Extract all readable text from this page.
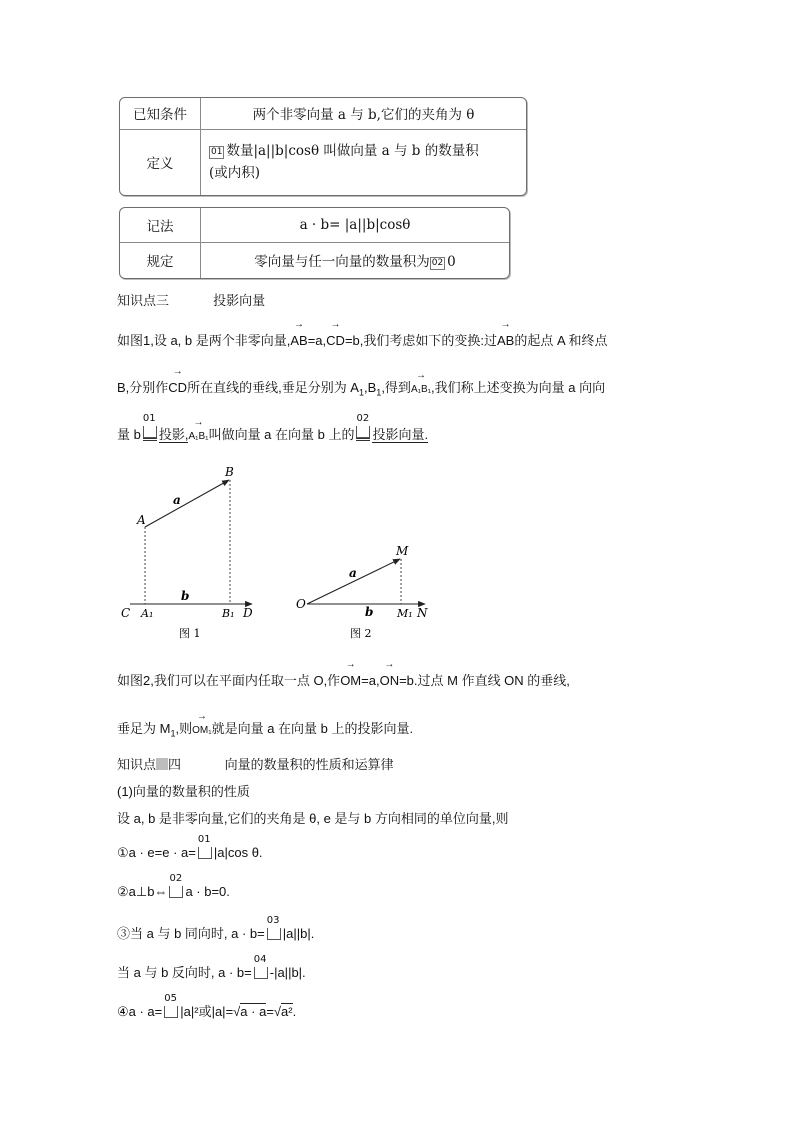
已知条件	两个非零向量 a 与 b,它们的夹角为 θ
定义	01 数量|a||b|cosθ 叫做向量 a 与 b 的数量积
(或内积)
记法	a · b= |a||b|cosθ
规定	零向量与任一向量的数量积为 02 0
知识点三	投影向量
如图1,设 a, b 是两个非零向量,→ AB=a,→ CD=b,我们考虑如下的变换:过→ AB的起点 A 和终点
B,分别作→ CD所在直线的垂线,垂足分别为 $A_1,B_1$,得到→ A₁B₁,我们称上述变换为向量 a 向向
量 b
01
投影,→ A₁B₁叫做向量 a 在向量 b 上的
02
投影向量.
B
a
A
b
C A₁	B₁ D
图 1
M
a
O
b M₁ N
图 2
如图2,我们可以在平面内任取一点 O,作→ OM=a,→ ON=b.过点 M 作直线 ON 的垂线,
垂足为 $M_1$,则→ OM₁就是向量 a 在向量 b 上的投影向量.
知识点 四	向量的数量积的性质和运算律
(1)向量的数量积的性质
设 a, b 是非零向量,它们的夹角是 θ, e 是与 b 方向相同的单位向量,则
①a · e=e · a=
01
|a|cos θ.
②a⊥b⇔
02
a · b=0.
③当 a 与 b 同向时, a · b=
03
|a||b|.
当 a 与 b 反向时, a · b=
04
-|a||b|.
④a · a=
05
|a|²或|a|=√a · a=√a².
